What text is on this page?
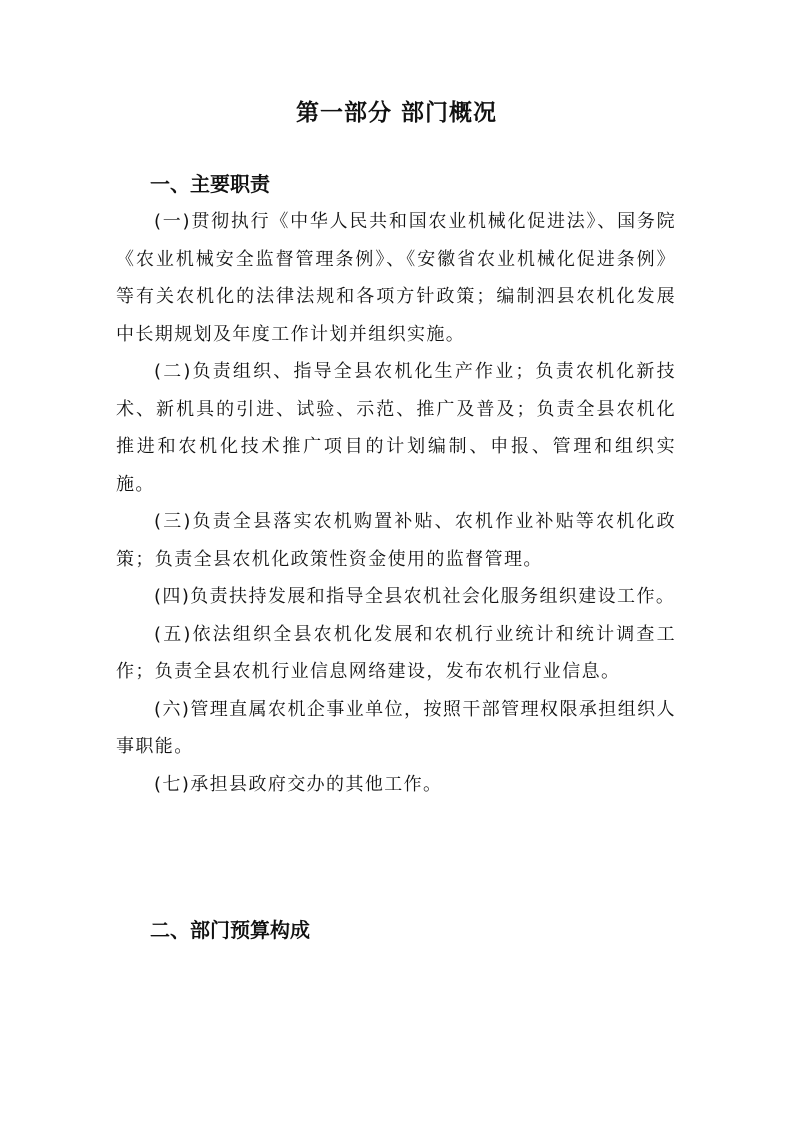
第一部分 部门概况
一、主要职责

(一)贯彻执行《中华人民共和国农业机械化促进法》、国务院《农业机械安全监督管理条例》、《安徽省农业机械化促进条例》等有关农机化的法律法规和各项方针政策；编制泗县农机化发展中长期规划及年度工作计划并组织实施。

(二)负责组织、指导全县农机化生产作业；负责农机化新技术、新机具的引进、试验、示范、推广及普及；负责全县农机化推进和农机化技术推广项目的计划编制、申报、管理和组织实施。

(三)负责全县落实农机购置补贴、农机作业补贴等农机化政策；负责全县农机化政策性资金使用的监督管理。

(四)负责扶持发展和指导全县农机社会化服务组织建设工作。

(五)依法组织全县农机化发展和农机行业统计和统计调查工作；负责全县农机行业信息网络建设，发布农机行业信息。

(六)管理直属农机企事业单位，按照干部管理权限承担组织人事职能。

(七)承担县政府交办的其他工作。

二、部门预算构成
